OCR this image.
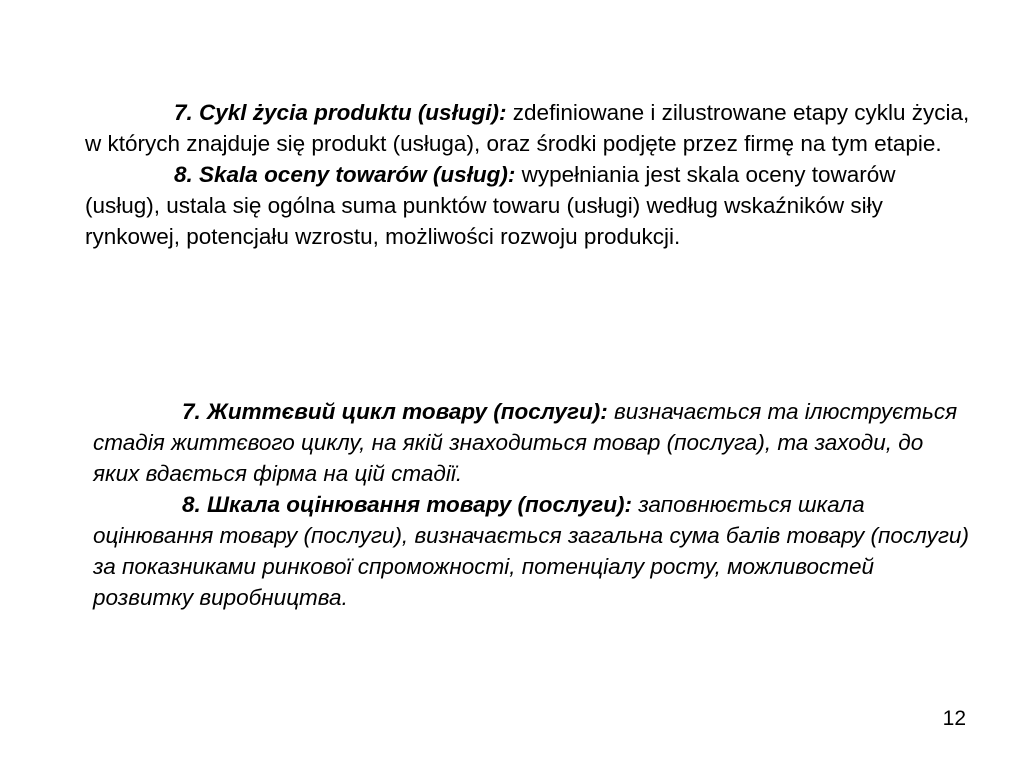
7. Cykl życia produktu (usługi): zdefiniowane i zilustrowane etapy cyklu życia, w których znajduje się produkt (usługa), oraz środki podjęte przez firmę na tym etapie.

8. Skala oceny towarów (usług): wypełniania jest skala oceny towarów (usług), ustala się ogólna suma punktów towaru (usługi) według wskaźników siły rynkowej, potencjału wzrostu, możliwości rozwoju produkcji.

7. Життєвий цикл товару (послуги): визначається та ілюструється стадія життєвого циклу, на якій знаходиться товар (послуга), та заходи, до яких вдається фірма на цій стадії.

8. Шкала оцінювання товару (послуги): заповнюється шкала оцінювання товару (послуги), визначається загальна сума балів товару (послуги) за показниками ринкової спроможності, потенціалу росту, можливостей розвитку виробництва.

12
